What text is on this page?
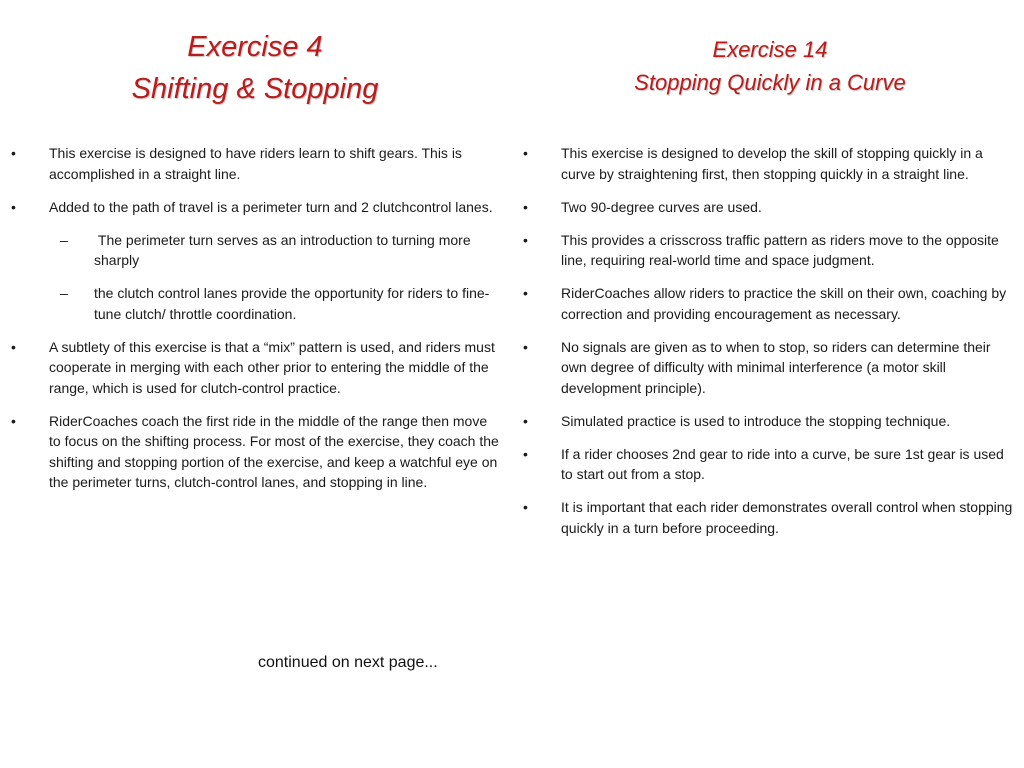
Exercise 4
Shifting & Stopping
Exercise 14
Stopping Quickly in a Curve
•	This exercise is designed to have riders learn to shift gears. This is accomplished in a straight line.
•	Added to the path of travel is a perimeter turn and 2 clutchcontrol lanes.
– The perimeter turn serves as an introduction to turning more sharply
– the clutch control lanes provide the opportunity for riders to fine-tune clutch/ throttle coordination.
•	A subtlety of this exercise is that a “mix” pattern is used, and riders must cooperate in merging with each other prior to entering the middle of the range, which is used for clutch-control practice.
•	RiderCoaches coach the first ride in the middle of the range then move to focus on the shifting process. For most of the exercise, they coach the shifting and stopping portion of the exercise, and keep a watchful eye on the perimeter turns, clutch-control lanes, and stopping in line.
•	This exercise is designed to develop the skill of stopping quickly in a curve by straightening first, then stopping quickly in a straight line.
•	Two 90-degree curves are used.
•	This provides a crisscross traffic pattern as riders move to the opposite line, requiring real-world time and space judgment.
•	RiderCoaches allow riders to practice the skill on their own, coaching by correction and providing encouragement as necessary.
•	No signals are given as to when to stop, so riders can determine their own degree of difficulty with minimal interference (a motor skill development principle).
•	Simulated practice is used to introduce the stopping technique.
•	If a rider chooses 2nd gear to ride into a curve, be sure 1st gear is used to start out from a stop.
•	It is important that each rider demonstrates overall control when stopping quickly in a turn before proceeding.
continued on next page...
